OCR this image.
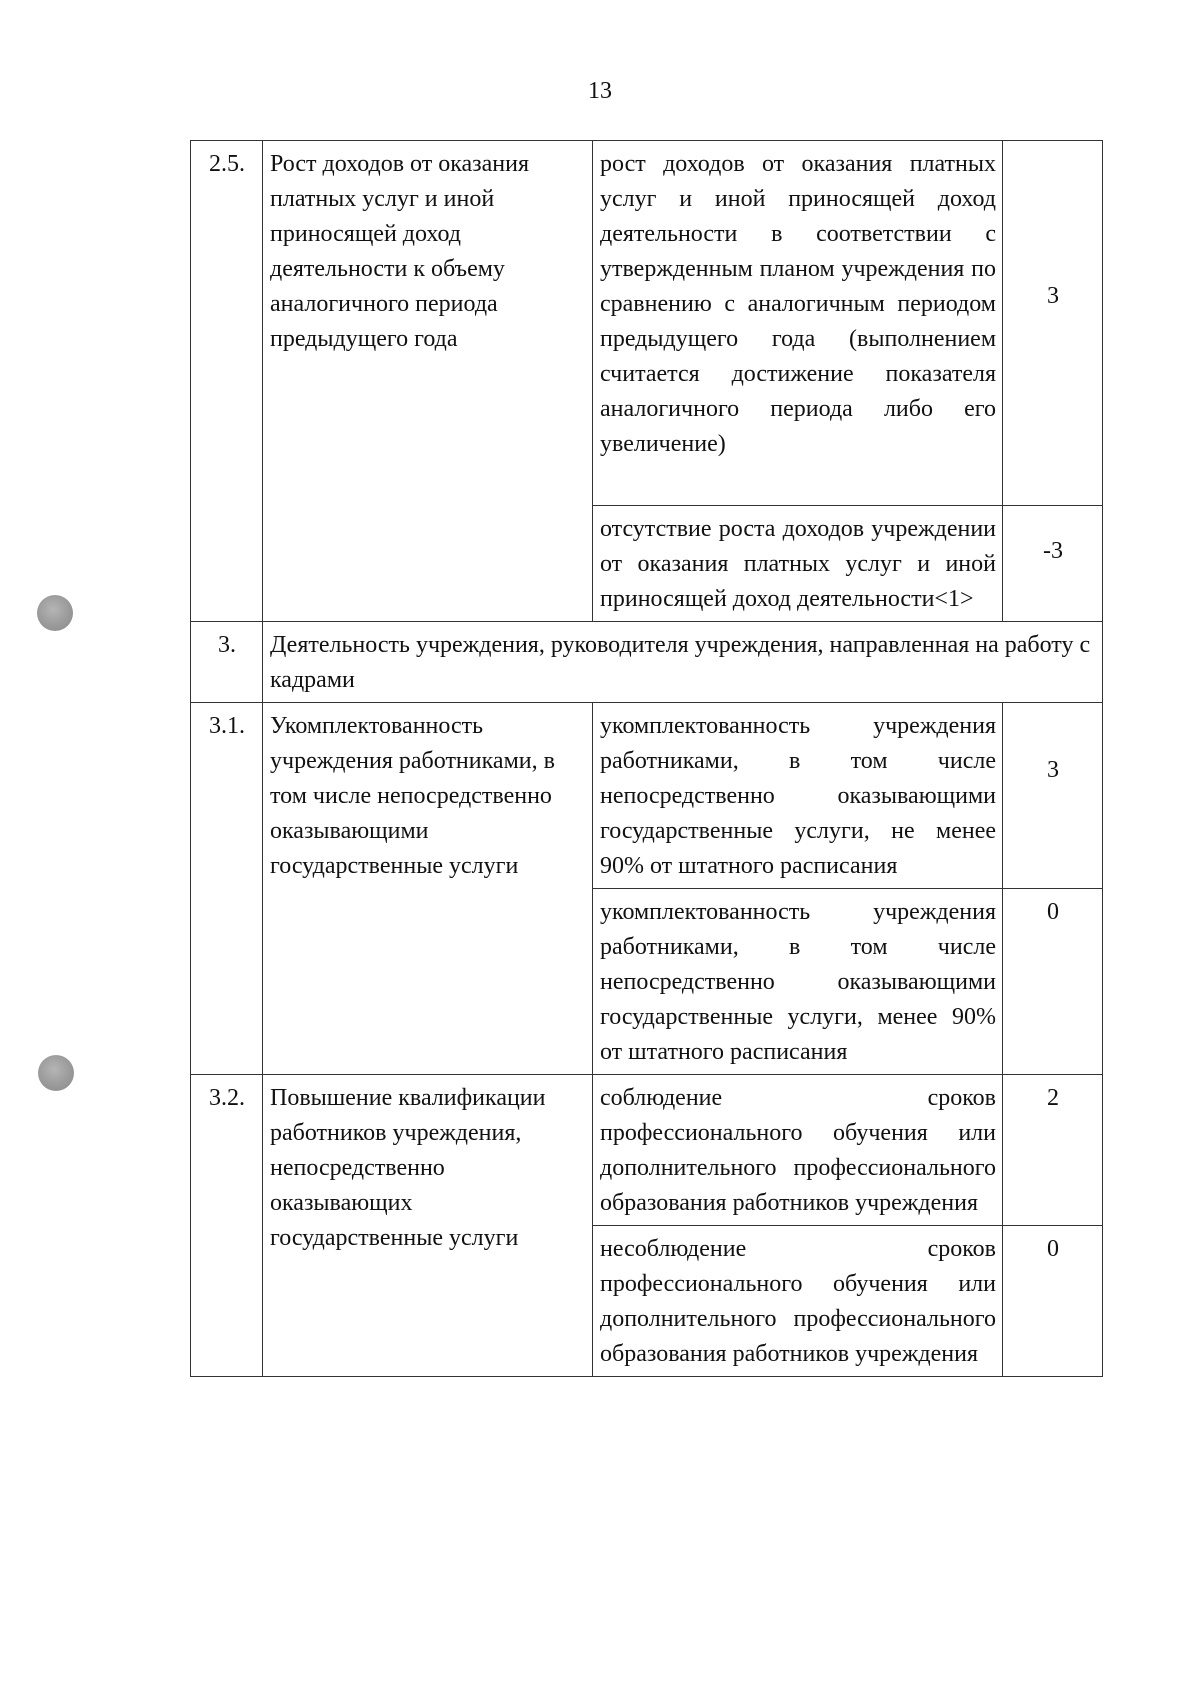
13
2.5.	Рост доходов от оказания платных услуг и иной приносящей доход деятельности к объему аналогичного периода предыдущего года	рост доходов от оказания платных услуг и иной приносящей доход деятельности в соответствии с утвержденным планом учреждения по сравнению с аналогичным периодом предыдущего года (выполнением считается достижение показателя аналогичного периода либо его увеличение)	3
		отсутствие роста доходов учреждении от оказания платных услуг и иной приносящей доход деятельности<1>	-3
3.	Деятельность учреждения, руководителя учреждения, направленная на работу с кадрами		
3.1.	Укомплектованность учреждения работниками, в том числе непосредственно оказывающими государственные услуги	укомплектованность учреждения работниками, в том числе непосредственно оказывающими государственные услуги, не менее 90% от штатного расписания	3
		укомплектованность учреждения работниками, в том числе непосредственно оказывающими государственные услуги, менее 90% от штатного расписания	0
3.2.	Повышение квалификации работников учреждения, непосредственно оказывающих государственные услуги	соблюдение сроков профессионального обучения или дополнительного профессионального образования работников учреждения	2
		несоблюдение сроков профессионального обучения или дополнительного профессионального образования работников учреждения	0
